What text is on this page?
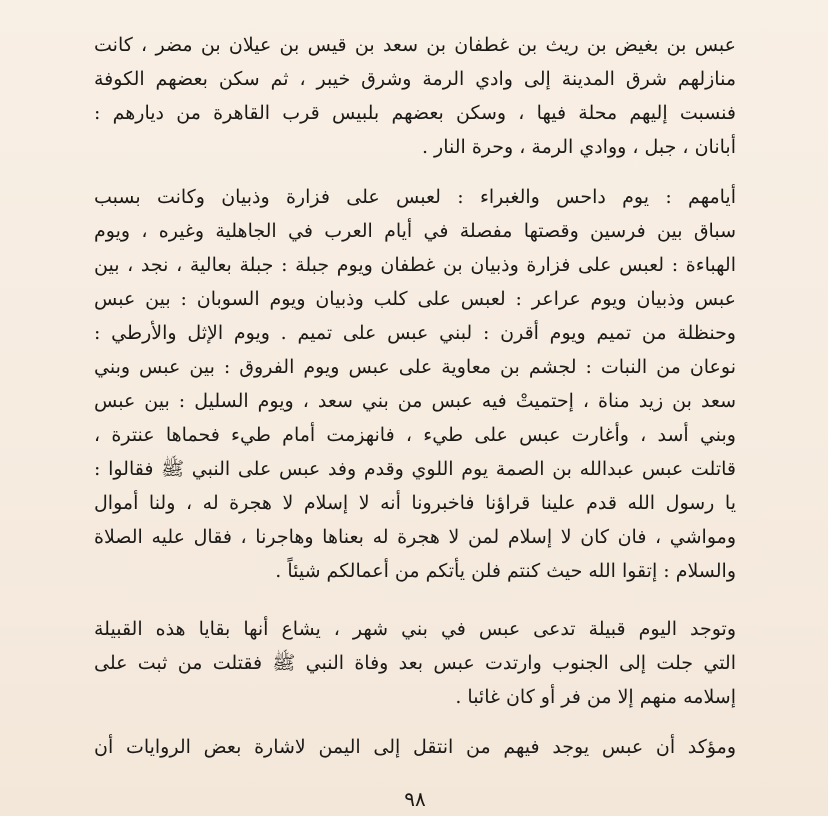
عبس بن بغيض بن ريث بن غطفان بن سعد بن قيس بن عيلان بن مضر ، كانت
منازلهم شرق المدينة إلى وادي الرمة وشرق خيبر ، ثم سكن بعضهم الكوفة
فنسبت إليهم محلة فيها ، وسكن بعضهم بلبيس قرب القاهرة من ديارهم :
أبانان ، جبل ، ووادي الرمة ، وحرة النار .
أيامهم : يوم داحس والغبراء : لعبس على فزارة وذبيان وكانت بسبب
سباق بين فرسين وقصتها مفصلة في أيام العرب في الجاهلية وغيره ، ويوم
الهباءة : لعبس على فزارة وذبيان بن غطفان ويوم جبلة : جبلة بعالية ، نجد ، بين
عبس وذبيان ويوم عراعر : لعبس على كلب وذبيان ويوم السوبان : بين عبس
وحنظلة من تميم ويوم أقرن : لبني عبس على تميم . ويوم الإثل والأرطي :
نوعان من النبات : لجشم بن معاوية على عبس ويوم الفروق : بين عبس وبني
سعد بن زيد مناة ، إحتميتْ فيه عبس من بني سعد ، ويوم السليل : بين عبس
وبني أسد ، وأغارت عبس على طيء ، فانهزمت أمام طيء فحماها عنترة ،
قاتلت عبس عبدالله بن الصمة يوم اللوي وقدم وفد عبس على النبي ﷺ فقالوا :
يا رسول الله قدم علينا قراؤنا فاخبرونا أنه لا إسلام لا هجرة له ، ولنا أموال
ومواشي ، فان كان لا إسلام لمن لا هجرة له بعناها وهاجرنا ، فقال عليه الصلاة
والسلام : إتقوا الله حيث كنتم فلن يأتكم من أعمالكم شيئاً .
وتوجد اليوم قبيلة تدعى عبس في بني شهر ، يشاع أنها بقايا هذه القبيلة
التي جلت إلى الجنوب وارتدت عبس بعد وفاة النبي ﷺ فقتلت من ثبت على
إسلامه منهم إلا من فر أو كان غائبا .
ومؤكد أن عبس يوجد فيهم من انتقل إلى اليمن لاشارة بعض الروايات أن
٩٨
